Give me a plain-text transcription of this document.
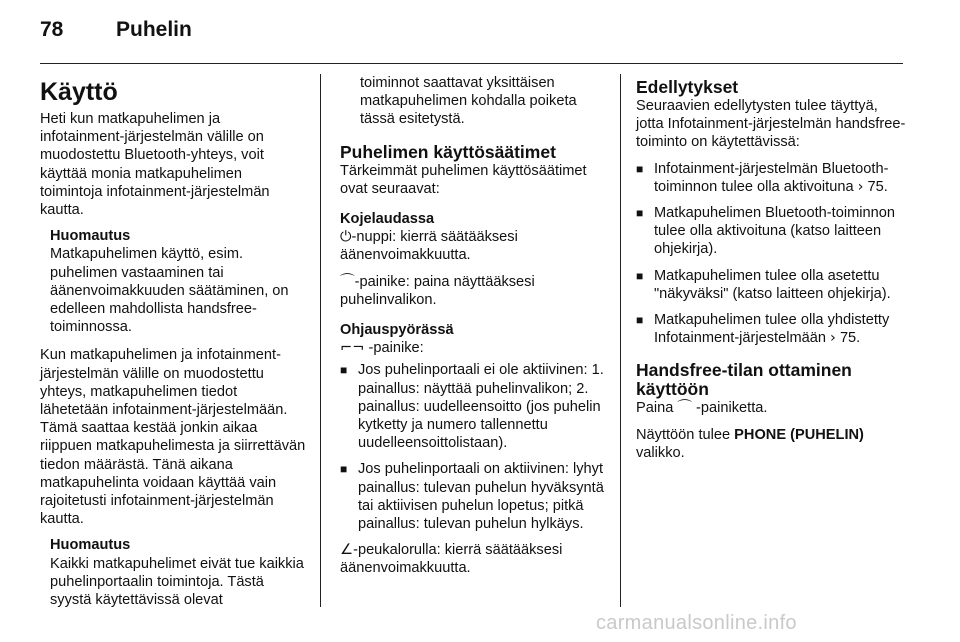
78	Puhelin
Käyttö

Heti kun matkapuhelimen ja infotainment-järjestelmän välille on muodostettu Bluetooth-yhteys, voit käyttää monia matkapuhelimen toimintoja infotainment-järjestelmän kautta.

Huomautus
Matkapuhelimen käyttö, esim. puhelimen vastaaminen tai äänenvoimakkuuden säätäminen, on edelleen mahdollista handsfree-toiminnossa.

Kun matkapuhelimen ja infotainment-järjestelmän välille on muodostettu yhteys, matkapuhelimen tiedot lähetetään infotainment-järjestelmään. Tämä saattaa kestää jonkin aikaa riippuen matkapuhelimesta ja siirrettävän tiedon määrästä. Tänä aikana matkapuhelinta voidaan käyttää vain rajoitetusti infotainment-järjestelmän kautta.

Huomautus
Kaikki matkapuhelimet eivät tue kaikkia puhelinportaalin toimintoja. Tästä syystä käytettävissä olevat
toiminnot saattavat yksittäisen matkapuhelimen kohdalla poiketa tässä esitetystä.
Puhelimen käyttösäätimet

Tärkeimmät puhelimen käyttösäätimet ovat seuraavat:

Kojelaudassa

⏻-nuppi: kierrä säätääksesi äänenvoimakkuutta.

⌒-painike: paina näyttääksesi puhelinvalikon.

Ohjauspyörässä
⌐¬ -painike:
■ Jos puhelinportaali ei ole aktiivinen: 1. painallus: näyttää puhelinvalikon; 2. painallus: uudelleensoitto (jos puhelin kytketty ja numero tallennettu uudelleensoittolistaan).
■ Jos puhelinportaali on aktiivinen: lyhyt painallus: tulevan puhelun hyväksyntä tai aktiivisen puhelun lopetus; pitkä painallus: tulevan puhelun hylkäys.

∠-peukalorulla: kierrä säätääksesi äänenvoimakkuutta.

Edellytykset

Seuraavien edellytysten tulee täyttyä, jotta Infotainment-järjestelmän handsfree-toiminto on käytettävissä:

■ Infotainment-järjestelmän Bluetooth-toiminnon tulee olla aktivoituna › 75.
■ Matkapuhelimen Bluetooth-toiminnon tulee olla aktivoituna (katso laitteen ohjekirja).
■ Matkapuhelimen tulee olla asetettu "näkyväksi" (katso laitteen ohjekirja).
■ Matkapuhelimen tulee olla yhdistetty Infotainment-järjestelmään › 75.
Handsfree-tilan ottaminen käyttöön

Paina ⌒ -painiketta.

Näyttöön tulee PHONE (PUHELIN)
valikko.

carmanualsonline.info
